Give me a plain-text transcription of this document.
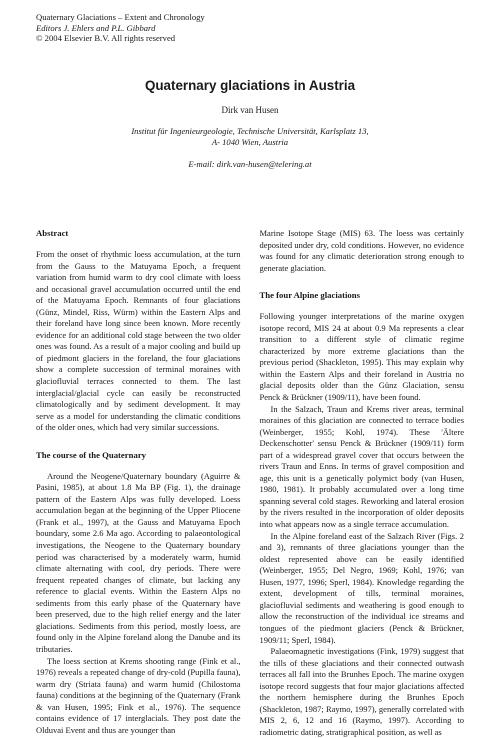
Quaternary Glaciations – Extent and Chronology
Editors J. Ehlers and P.L. Gibbard
© 2004 Elsevier B.V. All rights reserved
Quaternary glaciations in Austria
Dirk van Husen
Institut für Ingenieurgeologie, Technische Universität, Karlsplatz 13,
A- 1040 Wien, Austria
E-mail: dirk.van-husen@telering.at
Abstract

From the onset of rhythmic loess accumulation, at the turn from the Gauss to the Matuyama Epoch, a frequent variation from humid warm to dry cool climate with loess and occasional gravel accumulation occurred until the end of the Matuyama Epoch. Remnants of four glaciations (Günz, Mindel, Riss, Würm) within the Eastern Alps and their foreland have long since been known. More recently evidence for an additional cold stage between the two older ones was found. As a result of a major cooling and build up of piedmont glaciers in the foreland, the four glaciations show a complete succession of terminal moraines with glaciofluvial terraces connected to them. The last interglacial/glacial cycle can easily be reconstructed climatologically and by sediment development. It may serve as a model for understanding the climatic conditions of the older ones, which had very similar successions.

The course of the Quaternary

Around the Neogene/Quaternary boundary (Aguirre & Pasini, 1985), at about 1.8 Ma BP (Fig. 1), the drainage pattern of the Eastern Alps was fully developed. Loess accumulation began at the beginning of the Upper Pliocene (Frank et al., 1997), at the Gauss and Matuyama Epoch boundary, some 2.6 Ma ago. According to palaeontological investigations, the Neogene to the Quaternary boundary period was characterised by a moderately warm, humid climate alternating with cool, dry periods. There were frequent repeated changes of climate, but lacking any reference to glacial events. Within the Eastern Alps no sediments from this early phase of the Quaternary have been preserved, due to the high relief energy and the later glaciations. Sediments from this period, mostly loess, are found only in the Alpine foreland along the Danube and its tributaries.

The loess section at Krems shooting range (Fink et al., 1976) reveals a repeated change of dry-cold (Pupilla fauna), warm dry (Striata fauna) and warm humid (Chilostoma fauna) conditions at the beginning of the Quaternary (Frank & van Husen, 1995; Fink et al., 1976). The sequence contains evidence of 17 interglacials. They post date the Olduvai Event and thus are younger than

Marine Isotope Stage (MIS) 63. The loess was certainly deposited under dry, cold conditions. However, no evidence was found for any climatic deterioration strong enough to generate glaciation.

The four Alpine glaciations

Following younger interpretations of the marine oxygen isotope record, MIS 24 at about 0.9 Ma represents a clear transition to a different style of climatic regime characterized by more extreme glaciations than the previous period (Shackleton, 1995). This may explain why within the Eastern Alps and their foreland in Austria no glacial deposits older than the Günz Glaciation, sensu Penck & Brückner (1909/11), have been found.

In the Salzach, Traun and Krems river areas, terminal moraines of this glaciation are connected to terrace bodies (Weinberger, 1955; Kohl, 1974). These 'Ältere Deckenschotter' sensu Penck & Brückner (1909/11) form part of a widespread gravel cover that occurs between the rivers Traun and Enns. In terms of gravel composition and age, this unit is a genetically polymict body (van Husen, 1980, 1981). It probably accumulated over a long time spanning several cold stages. Reworking and lateral erosion by the rivers resulted in the incorporation of older deposits into what appears now as a single terrace accumulation.

In the Alpine foreland east of the Salzach River (Figs. 2 and 3), remnants of three glaciations younger than the oldest represented above can be easily identified (Weinberger, 1955; Del Negro, 1969; Kohl, 1976; van Husen, 1977, 1996; Sperl, 1984). Knowledge regarding the extent, development of tills, terminal moraines, glaciofluvial sediments and weathering is good enough to allow the reconstruction of the individual ice streams and tongues of the piedmont glaciers (Penck & Brückner, 1909/11; Sperl, 1984).

Palaeomagnetic investigations (Fink, 1979) suggest that the tills of these glaciations and their connected outwash terraces all fall into the Brunhes Epoch. The marine oxygen isotope record suggests that four major glaciations affected the northern hemisphere during the Brunhes Epoch (Shackleton, 1987; Raymo, 1997), generally correlated with MIS 2, 6, 12 and 16 (Raymo, 1997). According to radiometric dating, stratigraphical position, as well as
